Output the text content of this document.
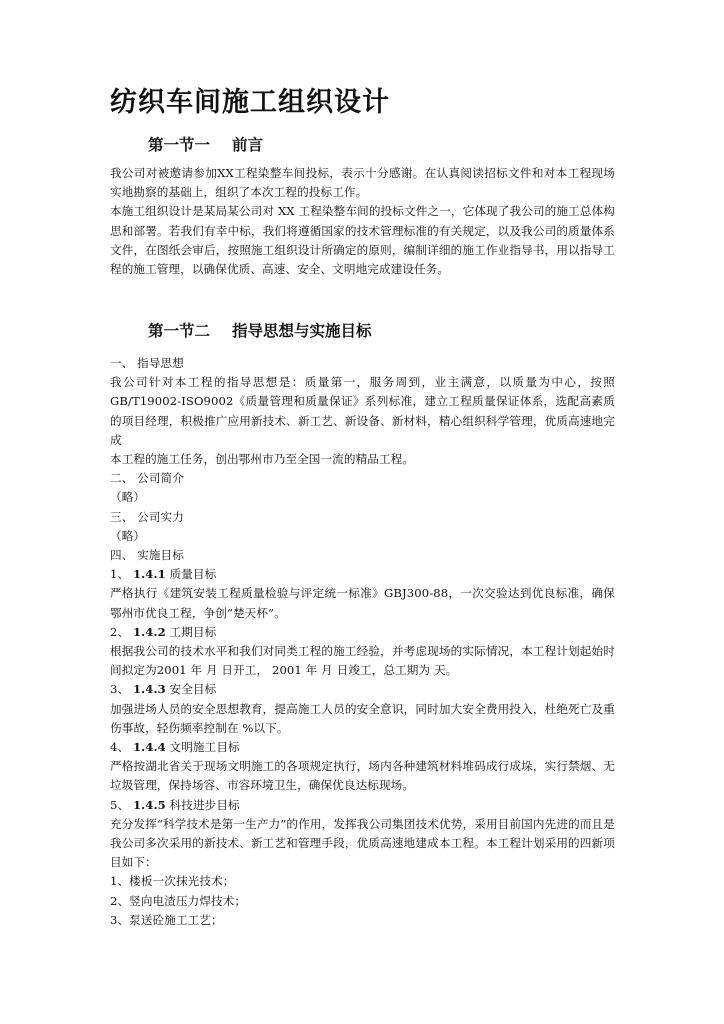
纺织车间施工组织设计
第一节一 前言

我公司对被邀请参加XX工程染整车间投标，表示十分感谢。在认真阅读招标文件和对本工程现场实地勘察的基础上，组织了本次工程的投标工作。

本施工组织设计是某局某公司对 XX 工程染整车间的投标文件之一，它体现了我公司的施工总体构思和部署。若我们有幸中标，我们将遵循国家的技术管理标准的有关规定，以及我公司的质量体系文件，在图纸会审后，按照施工组织设计所确定的原则，编制详细的施工作业指导书，用以指导工程的施工管理，以确保优质、高速、安全、文明地完成建设任务。

第一节二 指导思想与实施目标

一、 指导思想

我公司针对本工程的指导思想是：质量第一，服务周到，业主满意，以质量为中心，按照GB/T19002-ISO9002《质量管理和质量保证》系列标准，建立工程质量保证体系，选配高素质的项目经理，积极推广应用新技术、新工艺、新设备、新材料，精心组织科学管理，优质高速地完成

本工程的施工任务，创出鄂州市乃至全国一流的精品工程。

二、 公司简介

（略）

三、 公司实力

（略）

四、 实施目标

1、 1.4.1 质量目标

严格执行《建筑安装工程质量检验与评定统一标准》GBJ300-88，一次交验达到优良标准，确保鄂州市优良工程，争创“楚天杯”。

2、 1.4.2 工期目标

根据我公司的技术水平和我们对同类工程的施工经验，并考虑现场的实际情况，本工程计划起始时间拟定为2001 年 月 日开工， 2001 年 月 日竣工，总工期为 天。

3、 1.4.3 安全目标

加强进场人员的安全思想教育，提高施工人员的安全意识，同时加大安全费用投入，杜绝死亡及重伤事故，轻伤频率控制在 %以下。

4、 1.4.4 文明施工目标

严格按湖北省关于现场文明施工的各项规定执行，场内各种建筑材料堆码成行成垛，实行禁烟、无垃圾管理，保持场容、市容环境卫生，确保优良达标现场。

5、 1.4.5 科技进步目标

充分发挥“科学技术是第一生产力”的作用，发挥我公司集团技术优势，采用目前国内先进的而且是我公司多次采用的新技术、新工艺和管理手段，优质高速地建成本工程。本工程计划采用的四新项目如下：

1、楼板一次抹光技术；

2、竖向电渣压力焊技术；

3、泵送砼施工工艺；
